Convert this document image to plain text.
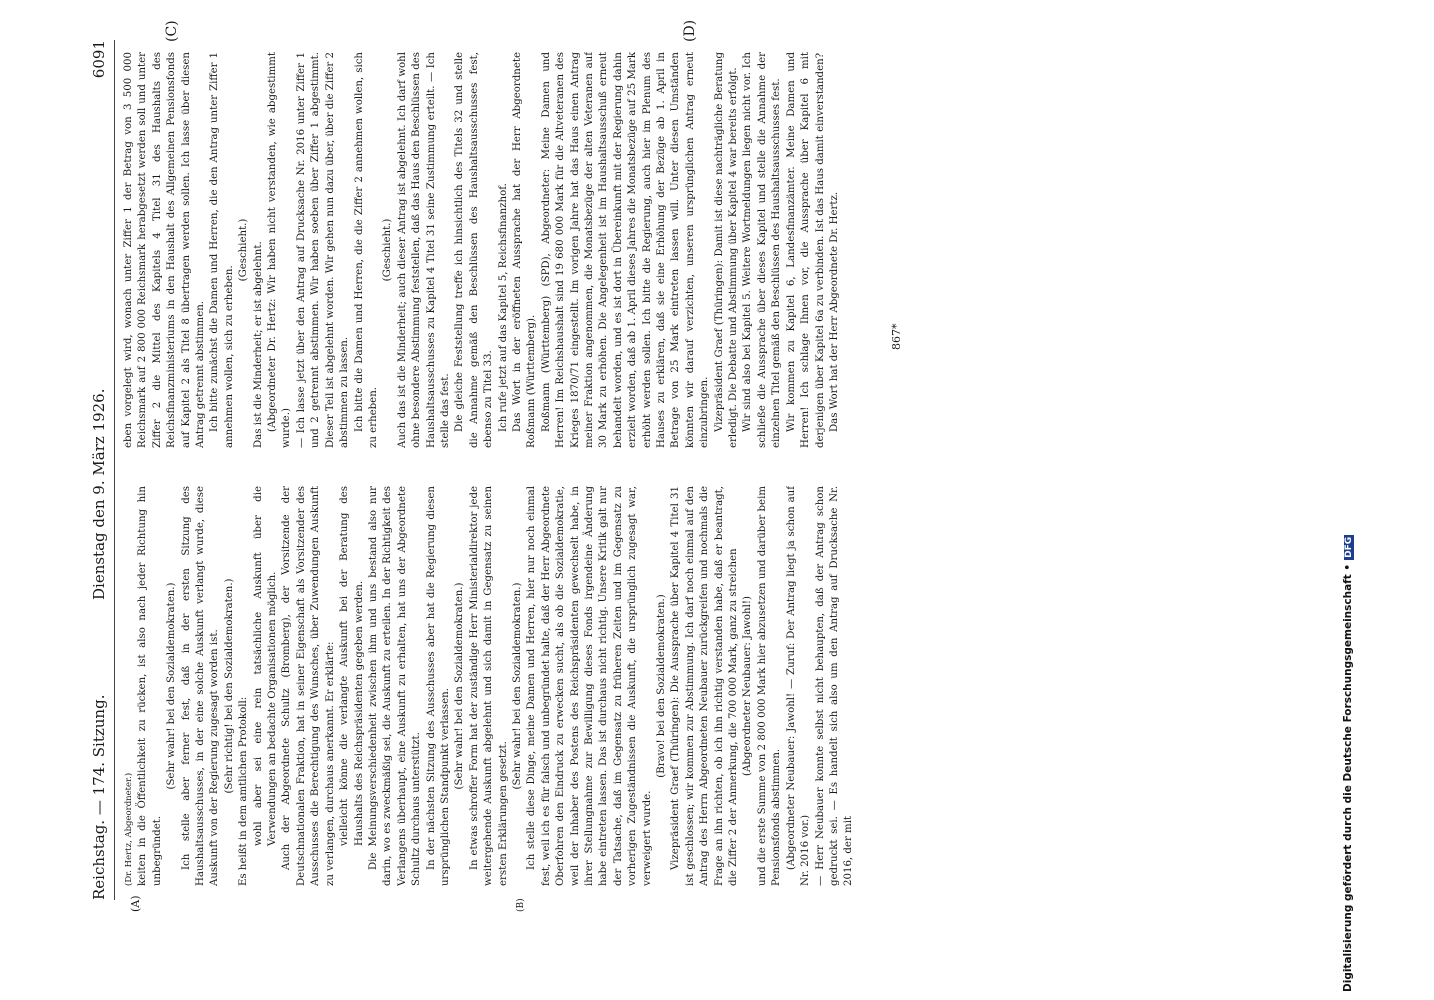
Reichstag. — 174. Sitzung.
Dienstag den 9. März 1926.
6091
(A)	(B)
(C)	(D)

(Dr. Hertz, Abgeordneter.) keiten in die Öffentlichkeit zu rücken, ist also nach jeder Richtung hin unbegründet.

(Sehr wahr! bei den Sozialdemokraten.) Ich stelle aber ferner fest, daß in der ersten Sitzung des Haushaltsausschusses, in der eine solche Auskunft verlangt wurde, diese Auskunft von der Regierung zugesagt worden ist. (Sehr richtig! bei den Sozialdemokraten.) Es heißt in dem amtlichen Protokoll: wohl aber sei eine rein tatsächliche Auskunft über die Verwendungen an bedachte Organisationen möglich. Auch der Abgeordnete Schultz (Bromberg), der Vorsitzende der Deutschnationalen Fraktion, hat in seiner Eigenschaft als Vorsitzender des Ausschusses die Berechtigung des Wunsches, über Zuwendungen Auskunft zu verlangen, durchaus anerkannt. Er erklärte: vielleicht könne die verlangte Auskunft bei der Beratung des Haushalts des Reichspräsidenten gegeben werden. Die Meinungsverschiedenheit zwischen ihm und uns bestand also nur darin, wo es zweckmäßig sei, die Auskunft zu erteilen. In der Richtigkeit des Verlangens überhaupt, eine Auskunft zu erhalten, hat uns der Abgeordnete Schultz durchaus unterstützt. In der nächsten Sitzung des Ausschusses aber hat die Regierung diesen ursprünglichen Standpunkt verlassen. (Sehr wahr! bei den Sozialdemokraten.) In etwas schroffer Form hat der zuständige Herr Ministerialdirektor jede weitergehende Auskunft abgelehnt und sich damit in Gegensatz zu seinen ersten Erklärungen gesetzt.

(Sehr wahr! bei den Sozialdemokraten.) Ich stelle diese Dinge, meine Damen und Herren, hier nur noch einmal fest, weil ich es für falsch und unbegründet halte, daß der Herr Abgeordnete Oberfohren den Eindruck zu erwecken sucht, als ob die Sozialdemokratie, weil der Inhaber des Postens des Reichspräsidenten gewechselt habe, in ihrer Stellungnahme zur Bewilligung dieses Fonds irgendeine Änderung habe eintreten lassen. Das ist durchaus nicht richtig. Unsere Kritik galt nur der Tatsache, daß im Gegensatz zu früheren Zeiten und im Gegensatz zu vorherigen Zugeständnissen die Auskunft, die ursprünglich zugesagt war, verweigert wurde.

(Bravo! bei den Sozialdemokraten.) Vizepräsident Graef (Thüringen): Die Aussprache über Kapitel 4 Titel 31 ist geschlossen; wir kommen zur Abstimmung. Ich darf noch einmal auf den Antrag des Herrn Abgeordneten Neubauer zurückgreifen und nochmals die Frage an ihn richten, ob ich ihn richtig verstanden habe, daß er beantragt, die Ziffer 2 der Anmerkung, die 700 000 Mark, ganz zu streichen (Abgeordneter Neubauer: Jawohl!) und die erste Summe von 2 800 000 Mark hier abzusetzen und darüber beim Pensionsfonds abstimmen. (Abgeordneter Neubauer: Jawohl! — Zuruf: Der Antrag liegt ja schon auf Nr. 2016 vor.) — Herr Neubauer konnte selbst nicht behaupten, daß der Antrag schon gedruckt sei. — Es handelt sich also um den Antrag auf Drucksache Nr. 2016, der mit

eben vorgelegt wird, wonach unter Ziffer 1 der Betrag von 3 500 000 Reichsmark auf 2 800 000 Reichsmark herabgesetzt werden soll und unter Ziffer 2 die Mittel des Kapitels 4 Titel 31 des Haushalts des Reichsfinanzministeriums in den Haushalt des Allgemeinen Pensionsfonds auf Kapitel 2 als Titel 8 übertragen werden sollen. Ich lasse über diesen Antrag getrennt abstimmen. Ich bitte zunächst die Damen und Herren, die den Antrag unter Ziffer 1 annehmen wollen, sich zu erheben.

(Geschieht.) Das ist die Minderheit; er ist abgelehnt. (Abgeordneter Dr. Hertz: Wir haben nicht verstanden, wie abgestimmt wurde.) — Ich lasse jetzt über den Antrag auf Drucksache Nr. 2016 unter Ziffer 1 und 2 getrennt abstimmen. Wir haben soeben über Ziffer 1 abgestimmt. Dieser Teil ist abgelehnt worden. Wir gehen nun dazu über, über die Ziffer 2 abstimmen zu lassen. Ich bitte die Damen und Herren, die die Ziffer 2 annehmen wollen, sich zu erheben.

(Geschieht.) Auch das ist die Minderheit; auch dieser Antrag ist abgelehnt. Ich darf wohl ohne besondere Abstimmung feststellen, daß das Haus den Beschlüssen des Haushaltsausschusses zu Kapitel 4 Titel 31 seine Zustimmung erteilt. — Ich stelle das fest. Die gleiche Feststellung treffe ich hinsichtlich des Titels 32 und stelle die Annahme gemäß den Beschlüssen des Haushaltsausschusses fest, ebenso zu Titel 33. Ich rufe jetzt auf das Kapitel 5, Reichsfinanzhof. Das Wort in der eröffneten Aussprache hat der Herr Abgeordnete Roßmann (Württemberg). Roßmann (Württemberg) (SPD), Abgeordneter: Meine Damen und Herren! Im Reichshaushalt sind 19 680 000 Mark für die Altveteranen des Krieges 1870/71 eingestellt. Im vorigen Jahre hat das Haus einen Antrag meiner Fraktion angenommen, die Monatsbezüge der alten Veteranen auf 30 Mark zu erhöhen. Die Angelegenheit ist im Haushaltsausschuß erneut behandelt worden, und es ist dort in Übereinkunft mit der Regierung dahin erzielt worden, daß ab 1. April dieses Jahres die Monatsbezüge auf 25 Mark erhöht werden sollen. Ich bitte die Regierung, auch hier im Plenum des Hauses zu erklären, daß sie eine Erhöhung der Bezüge ab 1. April in Betrage von 25 Mark eintreten lassen will. Unter diesen Umständen könnten wir darauf verzichten, unseren ursprünglichen Antrag erneut einzubringen. Vizepräsident Graef (Thüringen): Damit ist diese nachträgliche Beratung erledigt. Die Debatte und Abstimmung über Kapitel 4 war bereits erfolgt. Wir sind also bei Kapitel 5. Weitere Wortmeldungen liegen nicht vor. Ich schließe die Aussprache über dieses Kapitel und stelle die Annahme der einzelnen Titel gemäß den Beschlüssen des Haushaltsausschusses fest. Wir kommen zu Kapitel 6, Landesfinanzämter. Meine Damen und Herren! Ich schlage Ihnen vor, die Aussprache über Kapitel 6 mit derjenigen über Kapitel 6a zu verbinden. Ist das Haus damit einverstanden? Das Wort hat der Herr Abgeordnete Dr. Hertz.	867*
Digitalisierung gefördert durch die Deutsche Forschungsgemeinschaft •DFG
